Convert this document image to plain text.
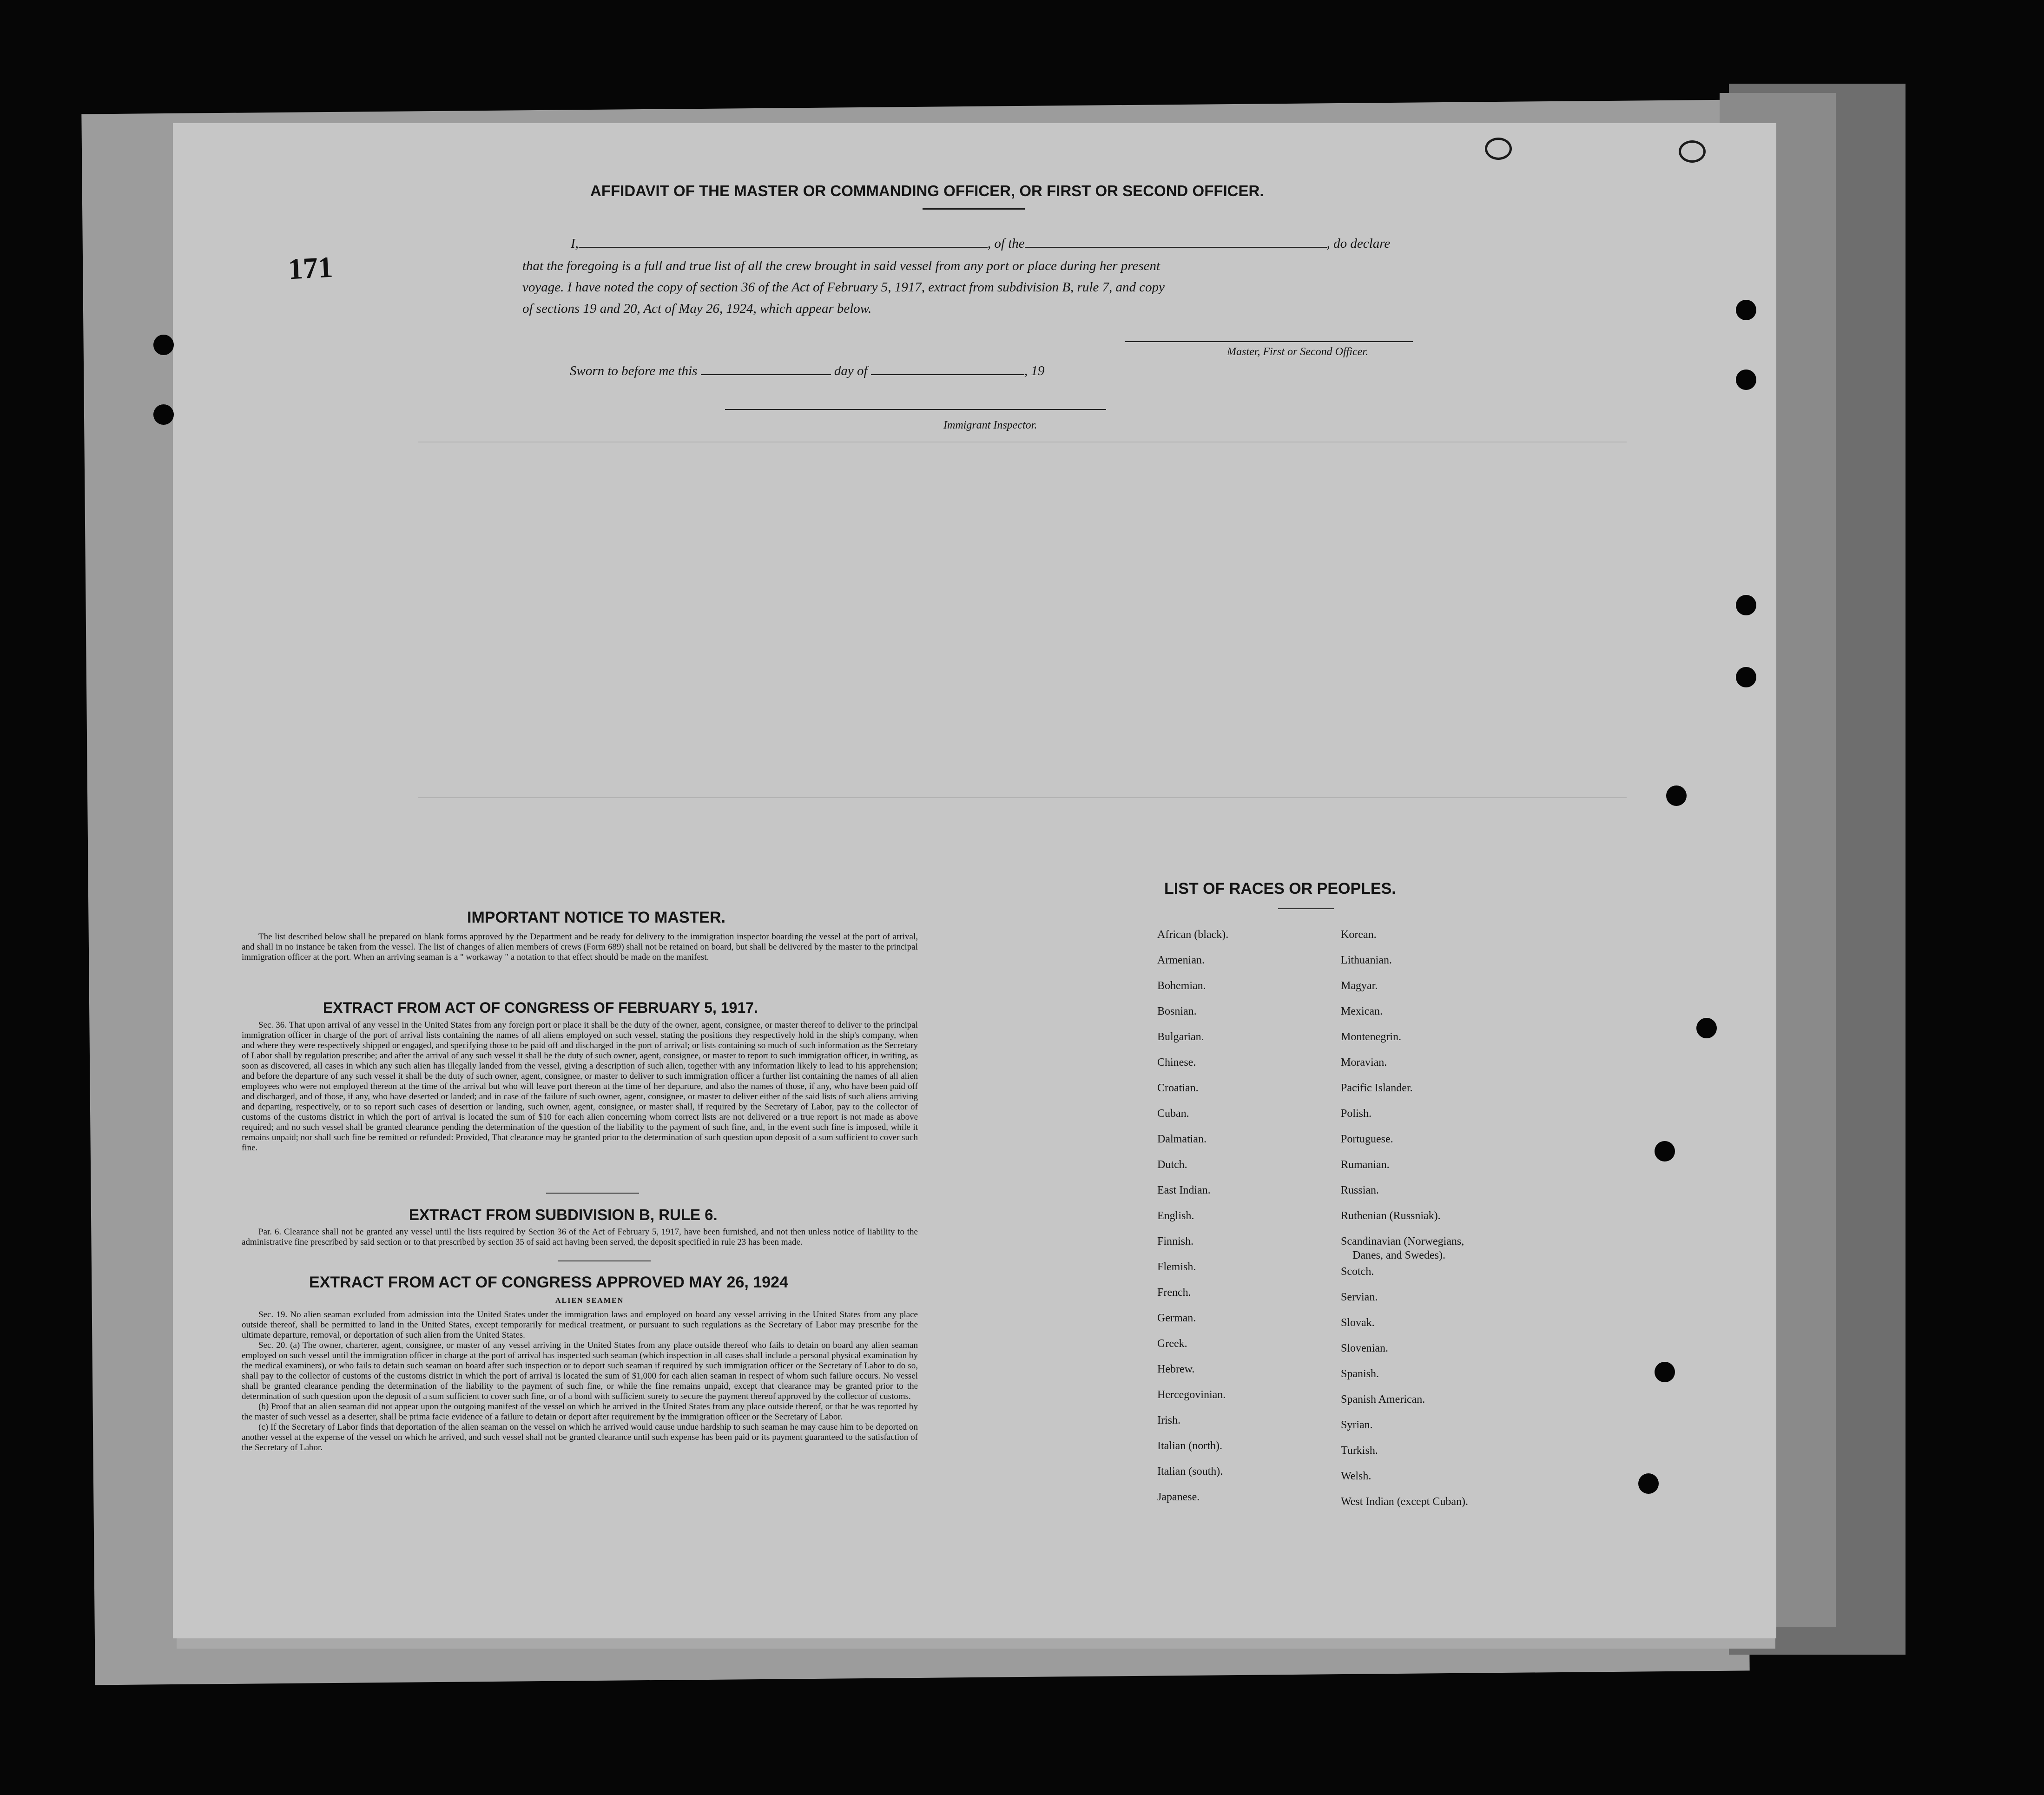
171
AFFIDAVIT OF THE MASTER OR COMMANDING OFFICER, OR FIRST OR SECOND OFFICER.
I,	, of the	, do declare
that the foregoing is a full and true list of all the crew brought in said vessel from any port or place during her present
voyage. I have noted the copy of section 36 of the Act of February 5, 1917, extract from subdivision B, rule 7, and copy
of sections 19 and 20, Act of May 26, 1924, which appear below.
Master, First or Second Officer.
Sworn to before me this	day of	, 19
Immigrant Inspector.
IMPORTANT NOTICE TO MASTER.

The list described below shall be prepared on blank forms approved by the Department and be ready for delivery to the immigration inspector boarding the vessel at the port of arrival, and shall in no instance be taken from the vessel. The list of changes of alien members of crews (Form 689) shall not be retained on board, but shall be delivered by the master to the principal immigration officer at the port. When an arriving seaman is a " workaway " a notation to that effect should be made on the manifest.

EXTRACT FROM ACT OF CONGRESS OF FEBRUARY 5, 1917.

Sec. 36. That upon arrival of any vessel in the United States from any foreign port or place it shall be the duty of the owner, agent, consignee, or master thereof to deliver to the principal immigration officer in charge of the port of arrival lists containing the names of all aliens employed on such vessel, stating the positions they respectively hold in the ship's company, when and where they were respectively shipped or engaged, and specifying those to be paid off and discharged in the port of arrival; or lists containing so much of such information as the Secretary of Labor shall by regulation prescribe; and after the arrival of any such vessel it shall be the duty of such owner, agent, consignee, or master to report to such immigration officer, in writing, as soon as discovered, all cases in which any such alien has illegally landed from the vessel, giving a description of such alien, together with any information likely to lead to his apprehension; and before the departure of any such vessel it shall be the duty of such owner, agent, consignee, or master to deliver to such immigration officer a further list containing the names of all alien employees who were not employed thereon at the time of the arrival but who will leave port thereon at the time of her departure, and also the names of those, if any, who have been paid off and discharged, and of those, if any, who have deserted or landed; and in case of the failure of such owner, agent, consignee, or master to deliver either of the said lists of such aliens arriving and departing, respectively, or to so report such cases of desertion or landing, such owner, agent, consignee, or master shall, if required by the Secretary of Labor, pay to the collector of customs of the customs district in which the port of arrival is located the sum of $10 for each alien concerning whom correct lists are not delivered or a true report is not made as above required; and no such vessel shall be granted clearance pending the determination of the question of the liability to the payment of such fine, and, in the event such fine is imposed, while it remains unpaid; nor shall such fine be remitted or refunded: Provided, That clearance may be granted prior to the determination of such question upon deposit of a sum sufficient to cover such fine.

EXTRACT FROM SUBDIVISION B, RULE 6.

Par. 6. Clearance shall not be granted any vessel until the lists required by Section 36 of the Act of February 5, 1917, have been furnished, and not then unless notice of liability to the administrative fine prescribed by said section or to that prescribed by section 35 of said act having been served, the deposit specified in rule 23 has been made.

EXTRACT FROM ACT OF CONGRESS APPROVED MAY 26, 1924
ALIEN SEAMEN

Sec. 19. No alien seaman excluded from admission into the United States under the immigration laws and employed on board any vessel arriving in the United States from any place outside thereof, shall be permitted to land in the United States, except temporarily for medical treatment, or pursuant to such regulations as the Secretary of Labor may prescribe for the ultimate departure, removal, or deportation of such alien from the United States.

Sec. 20. (a) The owner, charterer, agent, consignee, or master of any vessel arriving in the United States from any place outside thereof who fails to detain on board any alien seaman employed on such vessel until the immigration officer in charge at the port of arrival has inspected such seaman (which inspection in all cases shall include a personal physical examination by the medical examiners), or who fails to detain such seaman on board after such inspection or to deport such seaman if required by such immigration officer or the Secretary of Labor to do so, shall pay to the collector of customs of the customs district in which the port of arrival is located the sum of $1,000 for each alien seaman in respect of whom such failure occurs. No vessel shall be granted clearance pending the determination of the liability to the payment of such fine, or while the fine remains unpaid, except that clearance may be granted prior to the determination of such question upon the deposit of a sum sufficient to cover such fine, or of a bond with sufficient surety to secure the payment thereof approved by the collector of customs.

(b) Proof that an alien seaman did not appear upon the outgoing manifest of the vessel on which he arrived in the United States from any place outside thereof, or that he was reported by the master of such vessel as a deserter, shall be prima facie evidence of a failure to detain or deport after requirement by the immigration officer or the Secretary of Labor.

(c) If the Secretary of Labor finds that deportation of the alien seaman on the vessel on which he arrived would cause undue hardship to such seaman he may cause him to be deported on another vessel at the expense of the vessel on which he arrived, and such vessel shall not be granted clearance until such expense has been paid or its payment guaranteed to the satisfaction of the Secretary of Labor.

LIST OF RACES OR PEOPLES.
African (black).
Armenian.
Bohemian.
Bosnian.
Bulgarian.
Chinese.
Croatian.
Cuban.
Dalmatian.
Dutch.
East Indian.
English.
Finnish.
Flemish.
French.
German.
Greek.
Hebrew.
Hercegovinian.
Irish.
Italian (north).
Italian (south).
Japanese.
Korean.
Lithuanian.
Magyar.
Mexican.
Montenegrin.
Moravian.
Pacific Islander.
Polish.
Portuguese.
Rumanian.
Russian.
Ruthenian (Russniak).
Scandinavian (Norwegians,
Danes, and Swedes).
Scotch.
Servian.
Slovak.
Slovenian.
Spanish.
Spanish American.
Syrian.
Turkish.
Welsh.
West Indian (except Cuban).
